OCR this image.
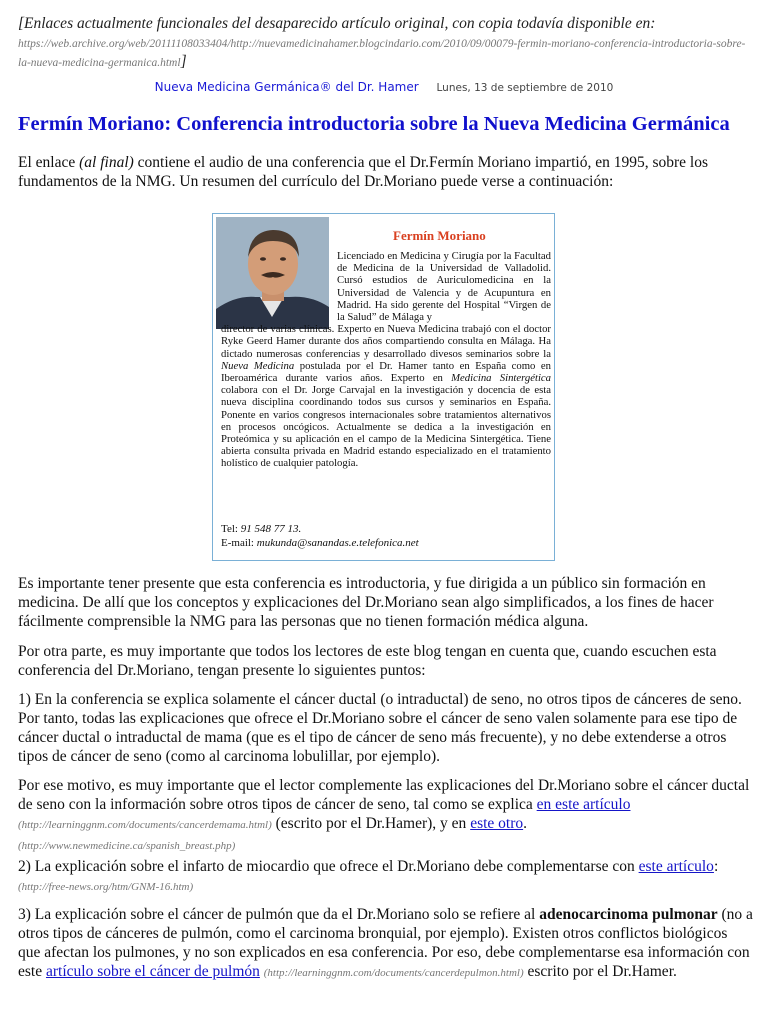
[Enlaces actualmente funcionales del desaparecido artículo original, con copia todavía disponible en:
https://web.archive.org/web/20111108033404/http://nuevamedicinahamer.blogcindario.com/2010/09/00079-fermin-moriano-conferencia-introductoria-sobre-la-nueva-medicina-germanica.html]
Nueva Medicina Germánica® del Dr. Hamer Lunes, 13 de septiembre de 2010
Fermín Moriano: Conferencia introductoria sobre la Nueva Medicina Germánica

El enlace (al final) contiene el audio de una conferencia que el Dr.Fermín Moriano impartió, en 1995, sobre los fundamentos de la NMG. Un resumen del currículo del Dr.Moriano puede verse a continuación:

Fermín Moriano
Licenciado en Medicina y Cirugía por la Facultad de Medicina de la Universidad de Valladolid. Cursó estudios de Auriculomedicina en la Universidad de Valencia y de Acupuntura en Madrid. Ha sido gerente del Hospital “Virgen de la Salud” de Málaga y
director de varias clínicas. Experto en Nueva Medicina trabajó con el doctor Ryke Geerd Hamer durante dos años compartiendo consulta en Málaga. Ha dictado numerosas conferencias y desarrollado divesos seminarios sobre la Nueva Medicina postulada por el Dr. Hamer tanto en España como en Iberoamérica durante varios años. Experto en Medicina Sintergética colabora con el Dr. Jorge Carvajal en la investigación y docencia de esta nueva disciplina coordinando todos sus cursos y seminarios en España. Ponente en varios congresos internacionales sobre tratamientos alternativos en procesos oncógicos. Actualmente se dedica a la investigación en Proteómica y su aplicación en el campo de la Medicina Sintergética. Tiene abierta consulta privada en Madrid estando especializado en el tratamiento holístico de cualquier patología.
Tel: 91 548 77 13.
E-mail: mukunda@sanandas.e.telefonica.net

Es importante tener presente que esta conferencia es introductoria, y fue dirigida a un público sin formación en medicina. De allí que los conceptos y explicaciones del Dr.Moriano sean algo simplificados, a los fines de hacer fácilmente comprensible la NMG para las personas que no tienen formación médica alguna.

Por otra parte, es muy importante que todos los lectores de este blog tengan en cuenta que, cuando escuchen esta conferencia del Dr.Moriano, tengan presente lo siguientes puntos:

1) En la conferencia se explica solamente el cáncer ductal (o intraductal) de seno, no otros tipos de cánceres de seno. Por tanto, todas las explicaciones que ofrece el Dr.Moriano sobre el cáncer de seno valen solamente para ese tipo de cáncer ductal o intraductal de mama (que es el tipo de cáncer de seno más frecuente), y no debe extenderse a otros tipos de cáncer de seno (como al carcinoma lobulillar, por ejemplo).

Por ese motivo, es muy importante que el lector complemente las explicaciones del Dr.Moriano sobre el cáncer ductal de seno con la información sobre otros tipos de cáncer de seno, tal como se explica en este artículo
(http://learninggnm.com/documents/cancerdemama.html) (escrito por el Dr.Hamer), y en este otro.
(http://www.newmedicine.ca/spanish_breast.php)

2) La explicación sobre el infarto de miocardio que ofrece el Dr.Moriano debe complementarse con este artículo:
(http://free-news.org/htm/GNM-16.htm)

3) La explicación sobre el cáncer de pulmón que da el Dr.Moriano solo se refiere al adenocarcinoma pulmonar (no a otros tipos de cánceres de pulmón, como el carcinoma bronquial, por ejemplo). Existen otros conflictos biológicos que afectan los pulmones, y no son explicados en esa conferencia. Por eso, debe complementarse esa información con este artículo sobre el cáncer de pulmón (http://learninggnm.com/documents/cancerdepulmon.html) escrito por el Dr.Hamer.
